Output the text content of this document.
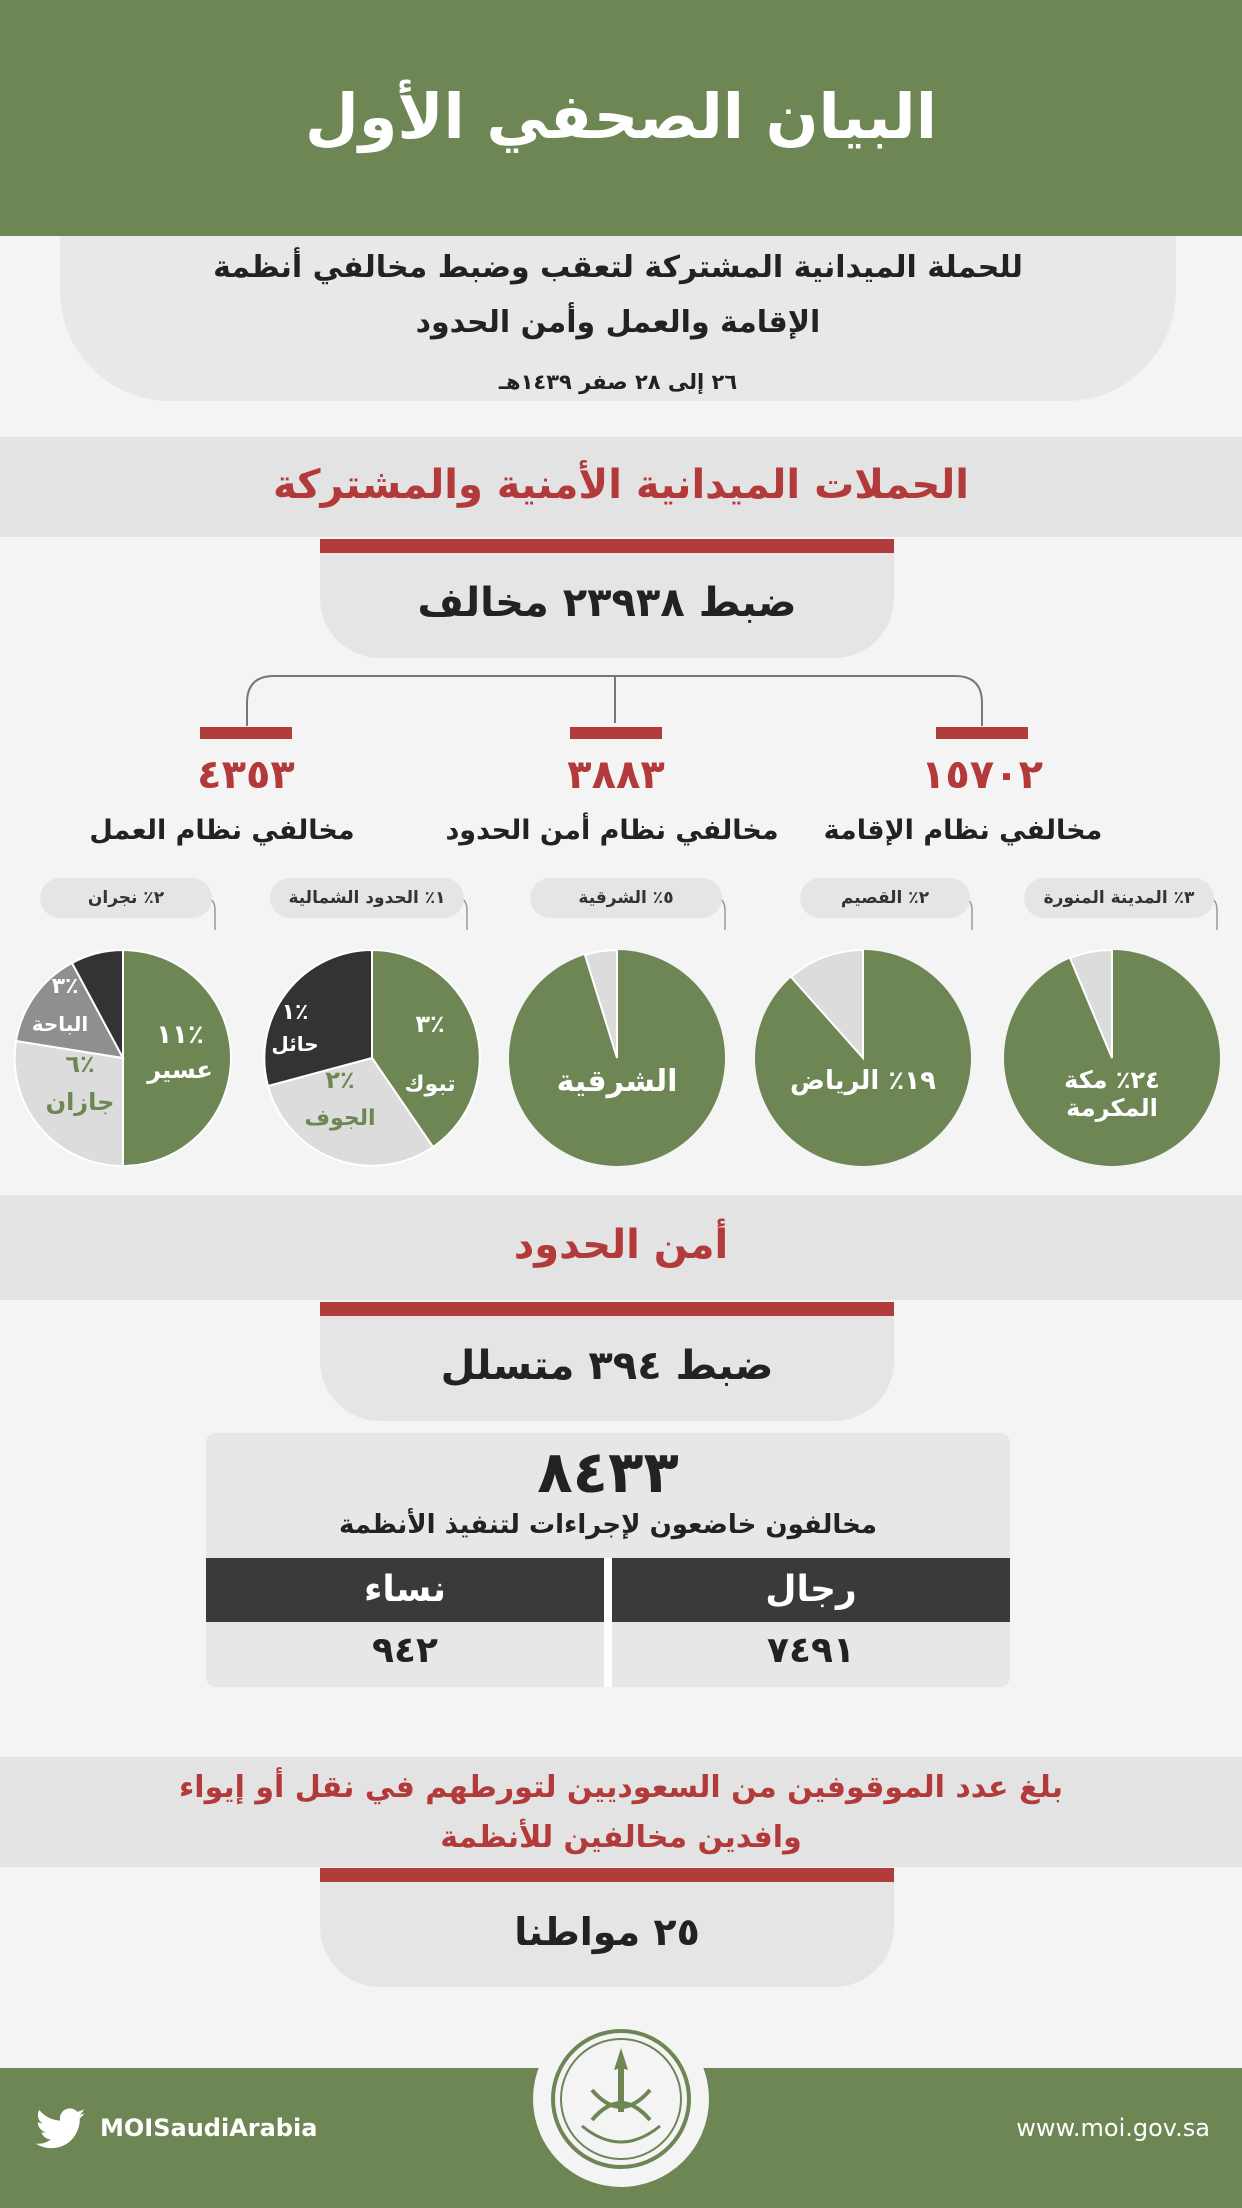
البيان الصحفي الأول
للحملة الميدانية المشتركة لتعقب وضبط مخالفي أنظمة
الإقامة والعمل وأمن الحدود
٢٦ إلى ٢٨ صفر ١٤٣٩هـ
الحملات الميدانية الأمنية والمشتركة
ضبط ٢٣٩٣٨ مخالف
١٥٧٠٢
مخالفي نظام الإقامة
٣٨٨٣
مخالفي نظام أمن الحدود
٤٣٥٣
مخالفي نظام العمل
٣٪ المدينة المنورة
٢٪ القصيم
٥٪ الشرقية
١٪ الحدود الشمالية
٢٪ نجران
٢٤٪ مكة المكرمة
١٩٪ الرياض
الشرقية
٣٪
تبوك
٢٪
الجوف
١٪
حائل
١١٪
عسير
٦٪
جازان
٣٪
الباحة
أمن الحدود
ضبط ٣٩٤ متسلل
٨٤٣٣
مخالفون خاضعون لإجراءات لتنفيذ الأنظمة
رجال
نساء
٧٤٩١
٩٤٢
بلغ عدد الموقوفين من السعوديين لتورطهم في نقل أو إيواء
وافدين مخالفين للأنظمة
٢٥ مواطنا
MOISaudiArabia	www.moi.gov.sa
